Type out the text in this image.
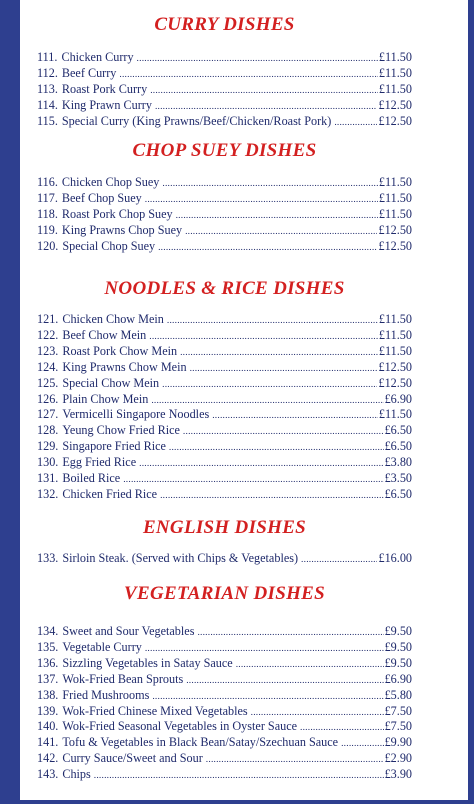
CURRY DISHES
111. Chicken Curry .....	£11.50
112. Beef Curry .....	£11.50
113. Roast Pork Curry .....	£11.50
114. King Prawn Curry .....	£12.50
115. Special Curry (King Prawns/Beef/Chicken/Roast Pork) .....	£12.50
CHOP SUEY DISHES
116. Chicken Chop Suey .....	£11.50
117. Beef Chop Suey .....	£11.50
118. Roast Pork Chop Suey .....	£11.50
119. King Prawns Chop Suey .....	£12.50
120. Special Chop Suey .....	£12.50
NOODLES & RICE DISHES
121. Chicken Chow Mein .....	£11.50
122. Beef Chow Mein .....	£11.50
123. Roast Pork Chow Mein .....	£11.50
124. King Prawns Chow Mein .....	£12.50
125. Special Chow Mein .....	£12.50
126. Plain Chow Mein .....	£6.90
127. Vermicelli Singapore Noodles .....	£11.50
128. Yeung Chow Fried Rice .....	£6.50
129. Singapore Fried Rice .....	£6.50
130. Egg Fried Rice .....	£3.80
131. Boiled Rice .....	£3.50
132. Chicken Fried Rice .....	£6.50
ENGLISH DISHES
133. Sirloin Steak. (Served with Chips & Vegetables) .....	£16.00
VEGETARIAN DISHES
134. Sweet and Sour Vegetables .....	£9.50
135. Vegetable Curry .....	£9.50
136. Sizzling Vegetables in Satay Sauce .....	£9.50
137. Wok-Fried Bean Sprouts .....	£6.90
138. Fried Mushrooms .....	£5.80
139. Wok-Fried Chinese Mixed Vegetables .....	£7.50
140. Wok-Fried Seasonal Vegetables in Oyster Sauce .....	£7.50
141. Tofu & Vegetables in Black Bean/Satay/Szechuan Sauce .....	£9.90
142. Curry Sauce/Sweet and Sour .....	£2.90
143. Chips .....	£3.90
